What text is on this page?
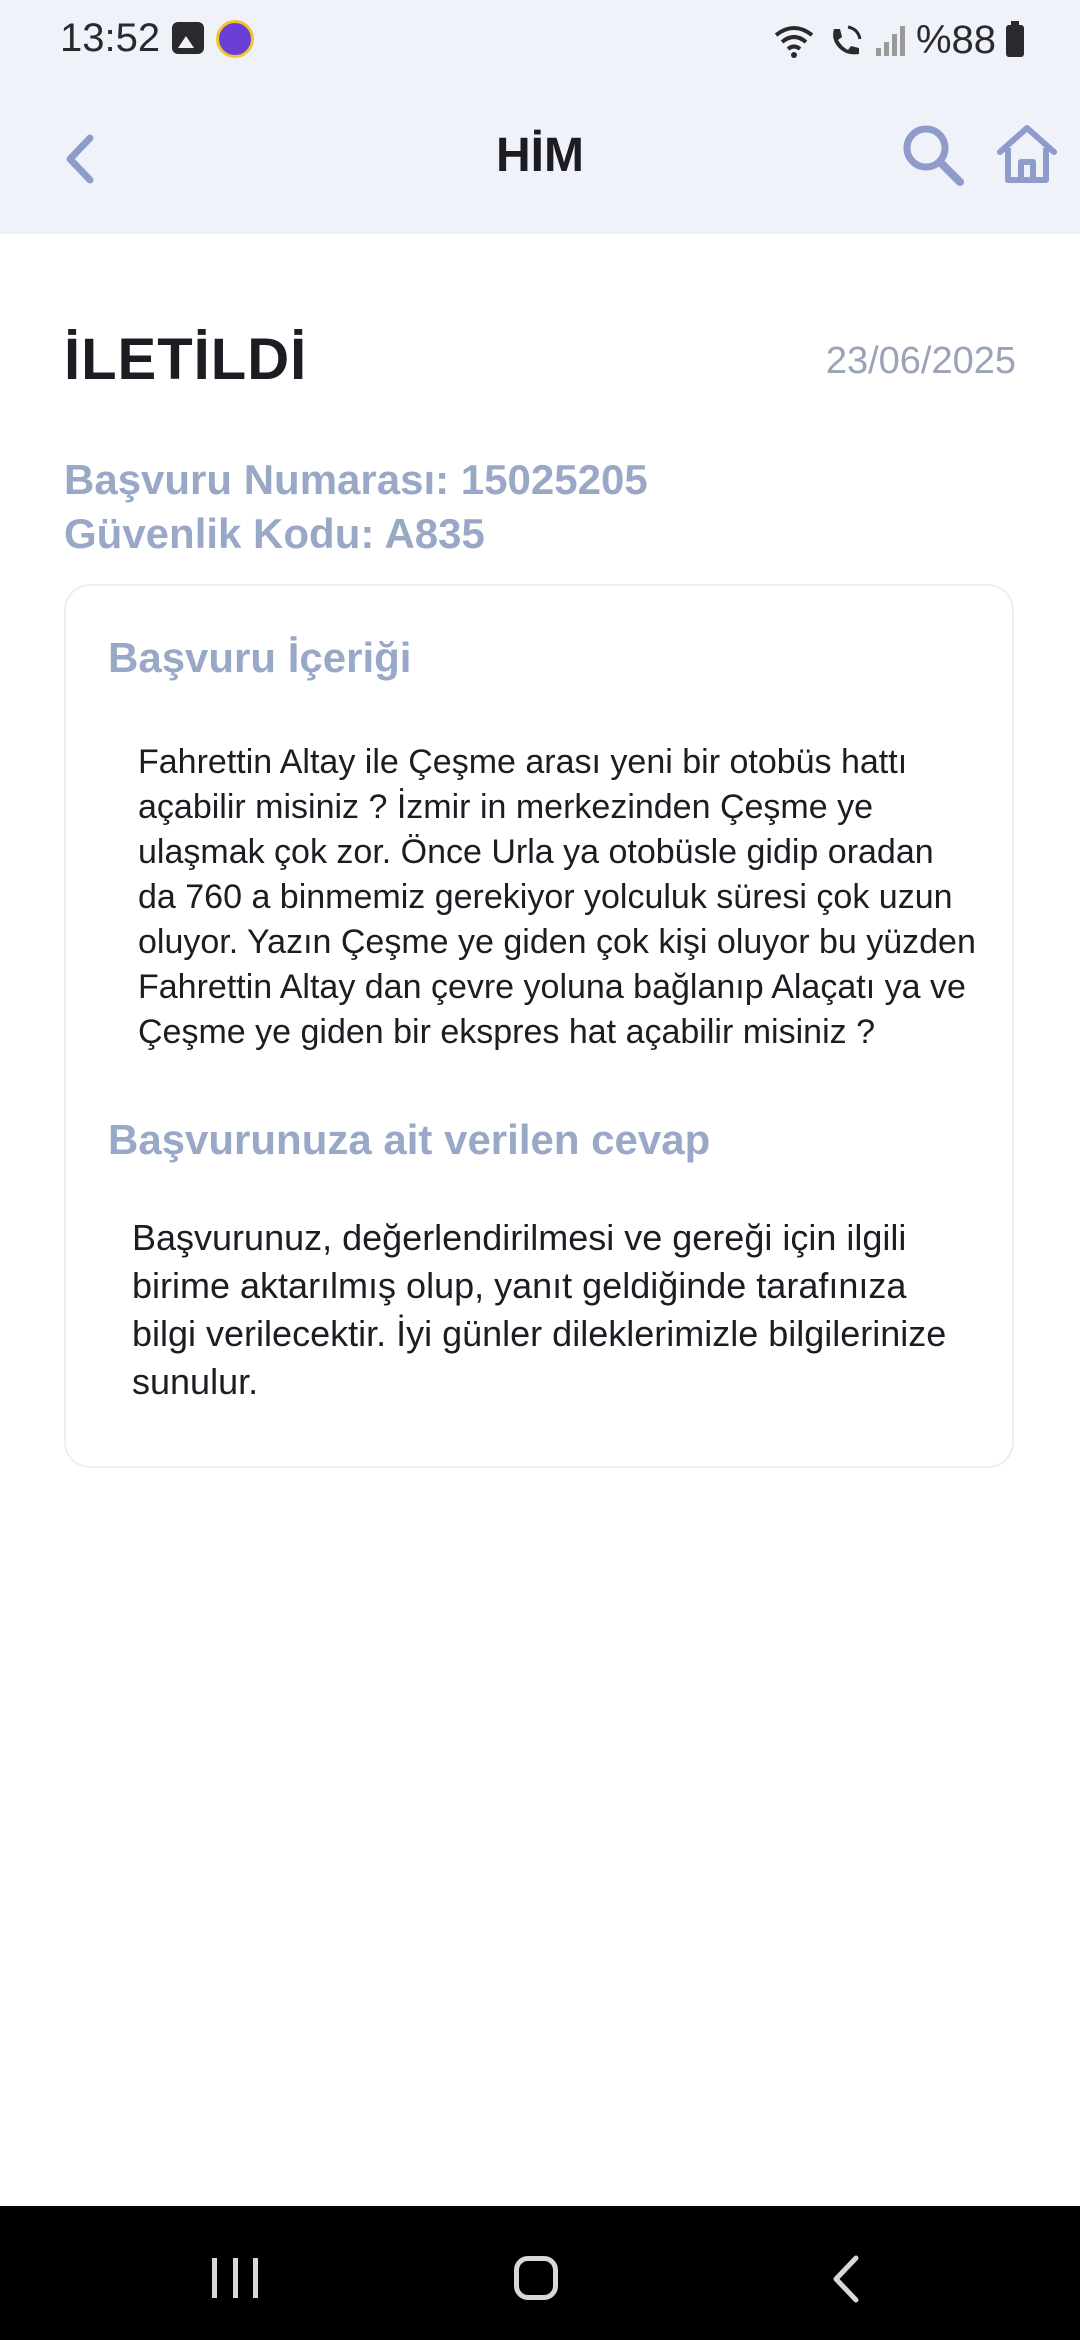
13:52	%88
HİM
İLETİLDİ	23/06/2025
Başvuru Numarası: 15025205
Güvenlik Kodu: A835
Başvuru İçeriği
Fahrettin Altay ile Çeşme arası yeni bir otobüs hattı
açabilir misiniz ? İzmir in merkezinden Çeşme ye
ulaşmak çok zor. Önce Urla ya otobüsle gidip oradan
da 760 a binmemiz gerekiyor yolculuk süresi çok uzun
oluyor. Yazın Çeşme ye giden çok kişi oluyor bu yüzden
Fahrettin Altay dan çevre yoluna bağlanıp Alaçatı ya ve
Çeşme ye giden bir ekspres hat açabilir misiniz ?
Başvurunuza ait verilen cevap
Başvurunuz, değerlendirilmesi ve gereği için ilgili birime aktarılmış olup, yanıt geldiğinde tarafınıza bilgi verilecektir. İyi günler dileklerimizle bilgilerinize sunulur.
